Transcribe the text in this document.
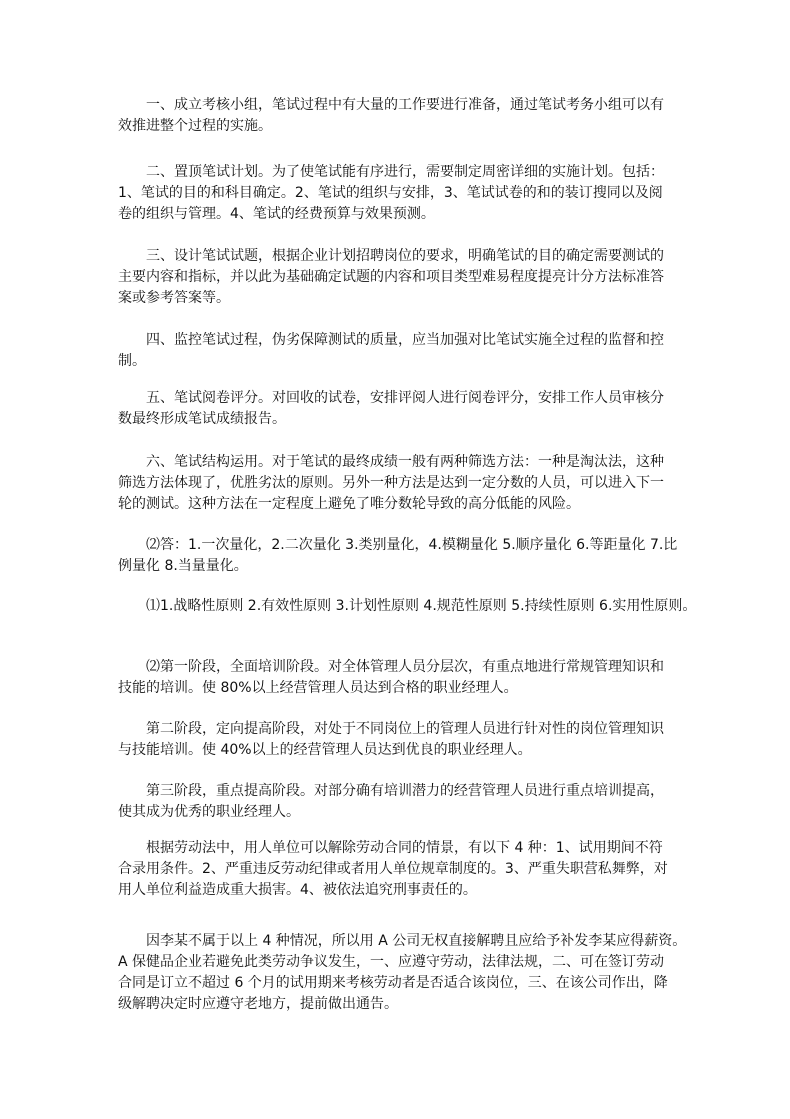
一、成立考核小组，笔试过程中有大量的工作要进行准备，通过笔试考务小组可以有
效推进整个过程的实施。
二、置顶笔试计划。为了使笔试能有序进行，需要制定周密详细的实施计划。包括：
1、笔试的目的和科目确定。2、笔试的组织与安排，3、笔试试卷的和的装订搜同以及阅
卷的组织与管理。4、笔试的经费预算与效果预测。
三、设计笔试试题，根据企业计划招聘岗位的要求，明确笔试的目的确定需要测试的
主要内容和指标，并以此为基础确定试题的内容和项目类型难易程度提亮计分方法标准答
案或参考答案等。
四、监控笔试过程，伪劣保障测试的质量，应当加强对比笔试实施全过程的监督和控
制。
五、笔试阅卷评分。对回收的试卷，安排评阅人进行阅卷评分，安排工作人员审核分
数最终形成笔试成绩报告。
六、笔试结构运用。对于笔试的最终成绩一般有两种筛选方法：一种是淘汰法，这种
筛选方法体现了，优胜劣汰的原则。另外一种方法是达到一定分数的人员，可以进入下一
轮的测试。这种方法在一定程度上避免了唯分数轮导致的高分低能的风险。
⑵答：1.一次量化，2.二次量化 3.类别量化，4.模糊量化 5.顺序量化 6.等距量化 7.比
例量化 8.当量量化。
⑴1.战略性原则 2.有效性原则 3.计划性原则 4.规范性原则 5.持续性原则 6.实用性原则。
⑵第一阶段，全面培训阶段。对全体管理人员分层次，有重点地进行常规管理知识和
技能的培训。使 80%以上经营管理人员达到合格的职业经理人。
第二阶段，定向提高阶段，对处于不同岗位上的管理人员进行针对性的岗位管理知识
与技能培训。使 40%以上的经营管理人员达到优良的职业经理人。
第三阶段，重点提高阶段。对部分确有培训潜力的经营管理人员进行重点培训提高，
使其成为优秀的职业经理人。
根据劳动法中，用人单位可以解除劳动合同的情景，有以下 4 种：1、试用期间不符
合录用条件。2、严重违反劳动纪律或者用人单位规章制度的。3、严重失职营私舞弊，对
用人单位利益造成重大损害。4、被依法追究刑事责任的。
因李某不属于以上 4 种情况，所以用 A 公司无权直接解聘且应给予补发李某应得薪资。
A 保健品企业若避免此类劳动争议发生，一、应遵守劳动，法律法规，二、可在签订劳动
合同是订立不超过 6 个月的试用期来考核劳动者是否适合该岗位，三、在该公司作出，降
级解聘决定时应遵守老地方，提前做出通告。
